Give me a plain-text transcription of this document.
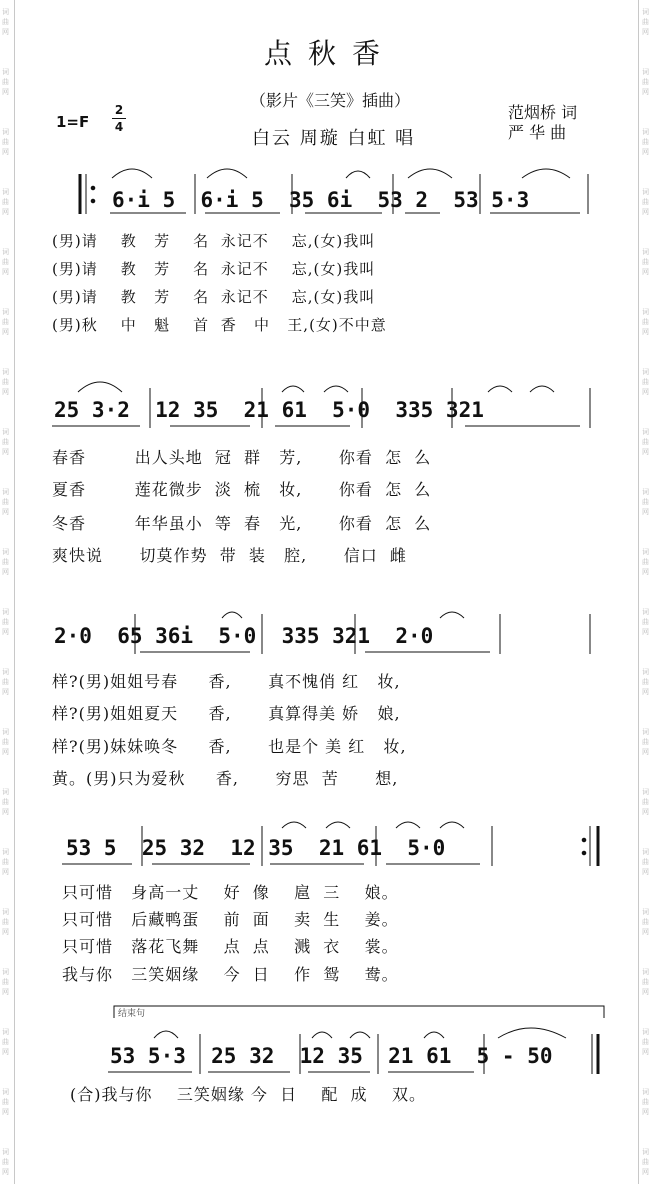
词
曲
网
词
曲
网
词
曲
网
词
曲
网
词
曲
网
词
曲
网
词
曲
网
词
曲
网
词
曲
网
词
曲
网
词
曲
网
词
曲
网
词
曲
网
词
曲
网
词
曲
网
词
曲
网
词
曲
网
词
曲
网
词
曲
网
词
曲
网
词
曲
网
词
曲
网
词
曲
网
词
曲
网
词
曲
网
词
曲
网
词
曲
网
词
曲
网
词
曲
网
词
曲
网
词
曲
网
词
曲
网
词
曲
网
词
曲
网
词
曲
网
词
曲
网
词
曲
网
词
曲
网
词
曲
网
词
曲
网
点秋香
（影片《三笑》插曲）
白云 周璇 白虹 唱
范烟桥 词
严 华 曲
1=F
2
4
6·i 5  6·i 5  35 6i  53 2  53 5·3
(男)请    教   芳    名  永记不    忘,(女)我叫
(男)请    教   芳    名  永记不    忘,(女)我叫
(男)请    教   芳    名  永记不    忘,(女)我叫
(男)秋    中   魁    首  香   中   王,(女)不中意
25 3·2  12 35  21 61  5·0  335 321
春香        出人头地  冠  群   芳,      你看  怎  么
夏香        莲花微步  淡  梳   妆,      你看  怎  么
冬香        年华虽小  等  春   光,      你看  怎  么
爽快说      切莫作势  带  装   腔,      信口  雌
2·0  65 36i  5·0  335 321  2·0
样?(男)姐姐号春     香,      真不愧俏 红   妆,
样?(男)姐姐夏天     香,      真算得美 娇   娘,
样?(男)妹妹唤冬     香,      也是个 美 红   妆,
黄。(男)只为爱秋     香,      穷思  苦      想,
53 5  25 32  12 35  21 61  5·0
只可惜   身高一丈    好  像    扈  三    娘。
只可惜   后藏鸭蛋    前  面    卖  生    姜。
只可惜   落花飞舞    点  点    溅  衣    裳。
我与你   三笑姻缘    今  日    作  鸳    鸯。
结束句
53 5·3  25 32  12 35  21 61  5 - 50
(合)我与你    三笑姻缘 今  日    配  成    双。
